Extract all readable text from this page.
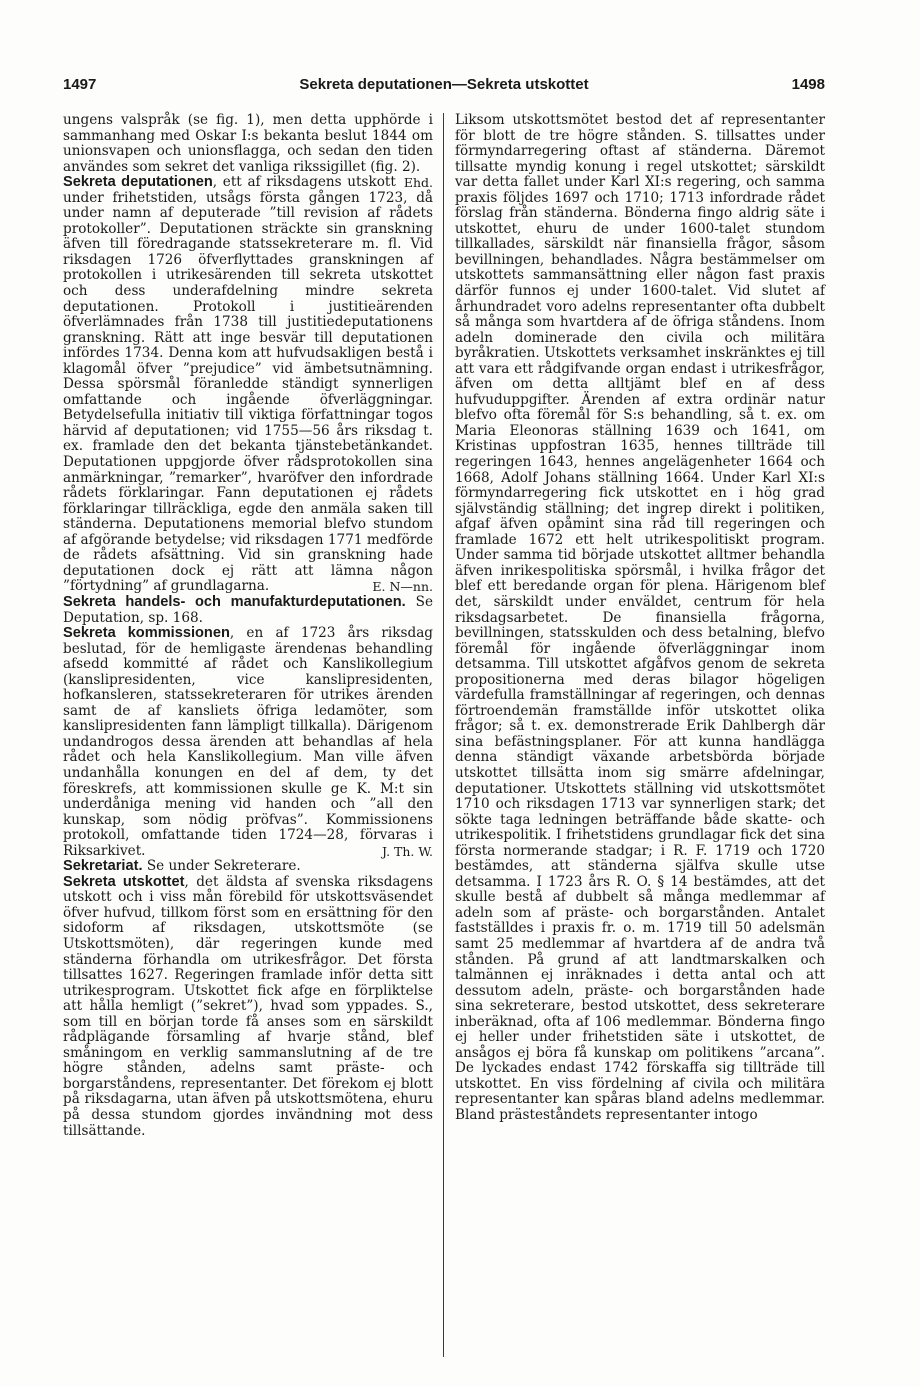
1497	Sekreta deputationen—Sekreta utskottet	1498

ungens valspråk (se fig. 1), men detta upphörde i sammanhang med Oskar I:s bekanta beslut 1844 om unionsvapen och unionsflagga, och sedan den tiden användes som sekret det vanliga rikssigillet (fig. 2).
Ehd.

Sekreta deputationen, ett af riksdagens utskott under frihetstiden, utsågs första gången 1723, då under namn af deputerade ”till revision af rådets protokoller”. Deputationen sträckte sin granskning äfven till föredragande statssekreterare m. fl. Vid riksdagen 1726 öfverflyttades granskningen af protokollen i utrikesärenden till sekreta utskottet och dess underafdelning mindre sekreta deputationen. Protokoll i justitieärenden öfverlämnades från 1738 till justitiedeputationens granskning. Rätt att inge besvär till deputationen infördes 1734. Denna kom att hufvudsakligen bestå i klagomål öfver ”prejudice” vid ämbetsutnämning. Dessa spörsmål föranledde ständigt synnerligen omfattande och ingående öfverläggningar. Betydelsefulla initiativ till viktiga författningar togos härvid af deputationen; vid 1755—56 års riksdag t. ex. framlade den det bekanta tjänstebetänkandet. Deputationen uppgjorde öfver rådsprotokollen sina anmärkningar, ”remarker”, hvaröfver den infordrade rådets förklaringar. Fann deputationen ej rådets förklaringar tillräckliga, egde den anmäla saken till ständerna. Deputationens memorial blefvo stundom af afgörande betydelse; vid riksdagen 1771 medförde de rådets afsättning. Vid sin granskning hade deputationen dock ej rätt att lämna någon ”förtydning” af grundlagarna.	E. N—nn.

Sekreta handels- och manufakturdeputationen. Se Deputation, sp. 168.

Sekreta kommissionen, en af 1723 års riksdag beslutad, för de hemligaste ärendenas behandling afsedd kommitté af rådet och Kanslikollegium (kanslipresidenten, vice kanslipresidenten, hofkansleren, statssekreteraren för utrikes ärenden samt de af kansliets öfriga ledamöter, som kanslipresidenten fann lämpligt tillkalla). Därigenom undandrogos dessa ärenden att behandlas af hela rådet och hela Kanslikollegium. Man ville äfven undanhålla konungen en del af dem, ty det föreskrefs, att kommissionen skulle ge K. M:t sin underdåniga mening vid handen och ”all den kunskap, som nödig pröfvas”. Kommissionens protokoll, omfattande tiden 1724—28, förvaras i Riksarkivet.	J. Th. W.

Sekretariat. Se under Sekreterare.

Sekreta utskottet, det äldsta af svenska riksdagens utskott och i viss mån förebild för utskottsväsendet öfver hufvud, tillkom först som en ersättning för den sidoform af riksdagen, utskottsmöte (se Utskottsmöten), där regeringen kunde med ständerna förhandla om utrikesfrågor. Det första tillsattes 1627. Regeringen framlade inför detta sitt utrikesprogram. Utskottet fick afge en förpliktelse att hålla hemligt (”sekret”), hvad som yppades. S., som till en början torde få anses som en särskildt rådplägande församling af hvarje stånd, blef småningom en verklig sammanslutning af de tre högre stånden, adelns samt präste- och borgarståndens, representanter. Det förekom ej blott på riksdagarna, utan äfven på utskottsmötena, ehuru på dessa stundom gjordes invändning mot dess tillsättande.

Liksom utskottsmötet bestod det af representanter för blott de tre högre stånden. S. tillsattes under förmyndarregering oftast af ständerna. Däremot tillsatte myndig konung i regel utskottet; särskildt var detta fallet under Karl XI:s regering, och samma praxis följdes 1697 och 1710; 1713 infordrade rådet förslag från ständerna. Bönderna fingo aldrig säte i utskottet, ehuru de under 1600-talet stundom tillkallades, särskildt när finansiella frågor, såsom bevillningen, behandlades. Några bestämmelser om utskottets sammansättning eller någon fast praxis därför funnos ej under 1600-talet. Vid slutet af århundradet voro adelns representanter ofta dubbelt så många som hvartdera af de öfriga ståndens. Inom adeln dominerade den civila och militära byråkratien. Utskottets verksamhet inskränktes ej till att vara ett rådgifvande organ endast i utrikesfrågor, äfven om detta alltjämt blef en af dess hufvuduppgifter. Ärenden af extra ordinär natur blefvo ofta föremål för S:s behandling, så t. ex. om Maria Eleonoras ställning 1639 och 1641, om Kristinas uppfostran 1635, hennes tillträde till regeringen 1643, hennes angelägenheter 1664 och 1668, Adolf Johans ställning 1664. Under Karl XI:s förmyndarregering fick utskottet en i hög grad självständig ställning; det ingrep direkt i politiken, afgaf äfven opåmint sina råd till regeringen och framlade 1672 ett helt utrikespolitiskt program. Under samma tid började utskottet alltmer behandla äfven inrikespolitiska spörsmål, i hvilka frågor det blef ett beredande organ för plena. Härigenom blef det, särskildt under enväldet, centrum för hela riksdagsarbetet. De finansiella frågorna, bevillningen, statsskulden och dess betalning, blefvo föremål för ingående öfverläggningar inom detsamma. Till utskottet afgåfvos genom de sekreta propositionerna med deras bilagor högeligen värdefulla framställningar af regeringen, och dennas förtroendemän framställde inför utskottet olika frågor; så t. ex. demonstrerade Erik Dahlbergh där sina befästningsplaner. För att kunna handlägga denna ständigt växande arbetsbörda började utskottet tillsätta inom sig smärre afdelningar, deputationer. Utskottets ställning vid utskottsmötet 1710 och riksdagen 1713 var synnerligen stark; det sökte taga ledningen beträffande både skatte- och utrikespolitik. I frihetstidens grundlagar fick det sina första normerande stadgar; i R. F. 1719 och 1720 bestämdes, att ständerna själfva skulle utse detsamma. I 1723 års R. O. § 14 bestämdes, att det skulle bestå af dubbelt så många medlemmar af adeln som af präste- och borgarstånden. Antalet fastställdes i praxis fr. o. m. 1719 till 50 adelsmän samt 25 medlemmar af hvartdera af de andra två stånden. På grund af att landtmarskalken och talmännen ej inräknades i detta antal och att dessutom adeln, präste- och borgarstånden hade sina sekreterare, bestod utskottet, dess sekreterare inberäknad, ofta af 106 medlemmar. Bönderna fingo ej heller under frihetstiden säte i utskottet, de ansågos ej böra få kunskap om politikens ”arcana”. De lyckades endast 1742 förskaffa sig tillträde till utskottet. En viss fördelning af civila och militära representanter kan spåras bland adelns medlemmar. Bland prästeståndets representanter intogo
